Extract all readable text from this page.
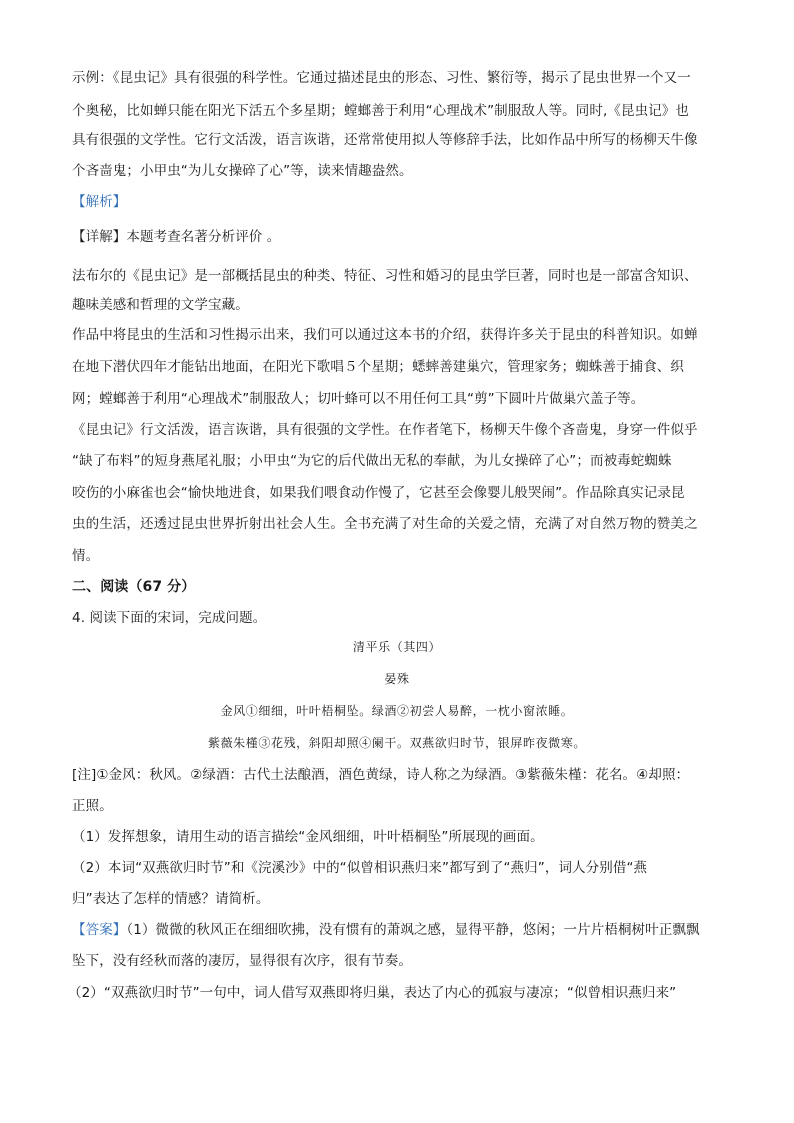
示例：《昆虫记》具有很强的科学性。它通过描述昆虫的形态、习性、繁衍等，揭示了昆虫世界一个又一
个奥秘，比如蝉只能在阳光下活五个多星期；螳螂善于利用“心理战术”制服敌人等。同时,《昆虫记》也
具有很强的文学性。它行文活泼，语言诙谐，还常常使用拟人等修辞手法，比如作品中所写的杨柳天牛像
个吝啬鬼；小甲虫“为儿女操碎了心”等，读来情趣盎然。
【解析】
【详解】本题考查名著分析评价 。
法布尔的《昆虫记》是一部概括昆虫的种类、特征、习性和婚习的昆虫学巨著，同时也是一部富含知识、
趣味美感和哲理的文学宝藏。
作品中将昆虫的生活和习性揭示出来，我们可以通过这本书的介绍，获得许多关于昆虫的科普知识。如蝉
在地下潜伏四年才能钻出地面，在阳光下歌唱５个星期；蟋蟀善建巢穴，管理家务；蜘蛛善于捕食、织
网；螳螂善于利用“心理战术”制服敌人；切叶蜂可以不用任何工具“剪”下圆叶片做巢穴盖子等。
《昆虫记》行文活泼，语言诙谐，具有很强的文学性。在作者笔下，杨柳天牛像个吝啬鬼，身穿一件似乎
“缺了布料”的短身燕尾礼服；小甲虫“为它的后代做出无私的奉献，为儿女操碎了心”；而被毒蛇蜘蛛
咬伤的小麻雀也会“愉快地进食，如果我们喂食动作慢了，它甚至会像婴儿般哭闹”。作品除真实记录昆
虫的生活，还透过昆虫世界折射出社会人生。全书充满了对生命的关爱之情，充满了对自然万物的赞美之
情。
二、阅读（67 分）
4. 阅读下面的宋词，完成问题。
清平乐（其四）
晏殊
金风①细细，叶叶梧桐坠。绿酒②初尝人易醉，一枕小窗浓睡。
紫薇朱槿③花残，斜阳却照④阑干。双燕欲归时节，银屏昨夜微寒。
[注]①金风：秋风。②绿酒：古代土法酿酒，酒色黄绿，诗人称之为绿酒。③紫薇朱槿：花名。④却照：
正照。
（1）发挥想象，请用生动的语言描绘“金风细细，叶叶梧桐坠”所展现的画面。
（2）本词“双燕欲归时节”和《浣溪沙》中的“似曾相识燕归来”都写到了“燕归”，词人分别借“燕
归”表达了怎样的情感？请简析。
【答案】（1）微微的秋风正在细细吹拂，没有惯有的萧飒之感，显得平静，悠闲；一片片梧桐树叶正飘飘
坠下，没有经秋而落的凄厉，显得很有次序，很有节奏。
（2）“双燕欲归时节”一句中，词人借写双燕即将归巢，表达了内心的孤寂与凄凉；“似曾相识燕归来”
